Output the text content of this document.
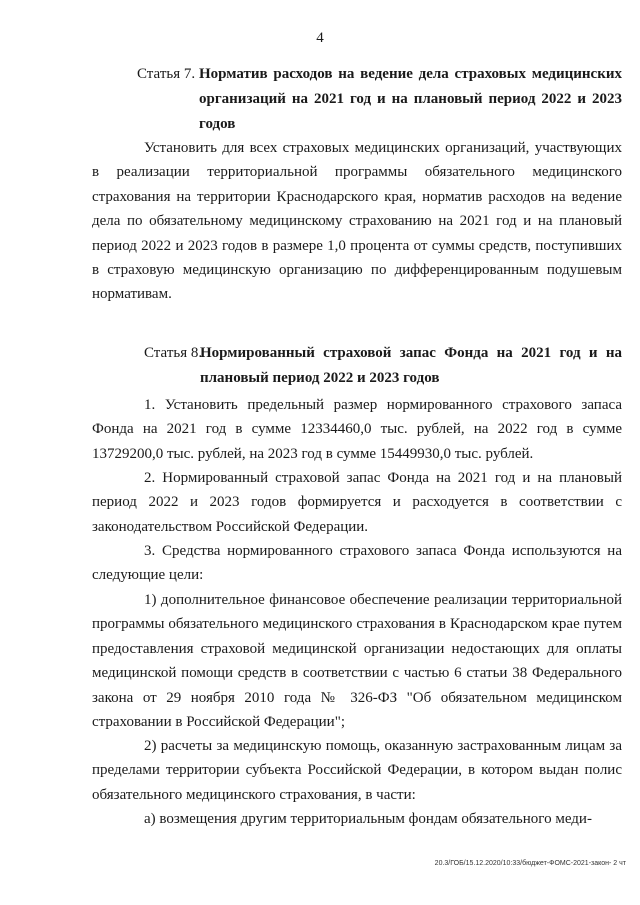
4
Статья 7. Норматив расходов на ведение дела страховых медицинских организаций на 2021 год и на плановый период 2022 и 2023 годов
Установить для всех страховых медицинских организаций, участвующих в реализации территориальной программы обязательного медицинского страхования на территории Краснодарского края, норматив расходов на ведение дела по обязательному медицинскому страхованию на 2021 год и на плановый период 2022 и 2023 годов в размере 1,0 процента от суммы средств, поступивших в страховую медицинскую организацию по дифференцированным подушевым нормативам.
Статья 8.
Нормированный страховой запас Фонда на 2021 год и на плановый период 2022 и 2023 годов
1. Установить предельный размер нормированного страхового запаса Фонда на 2021 год в сумме 12334460,0 тыс. рублей, на 2022 год в сумме 13729200,0 тыс. рублей, на 2023 год в сумме 15449930,0 тыс. рублей.
2. Нормированный страховой запас Фонда на 2021 год и на плановый период 2022 и 2023 годов формируется и расходуется в соответствии с законодательством Российской Федерации.
3. Средства нормированного страхового запаса Фонда используются на следующие цели:
1) дополнительное финансовое обеспечение реализации территориальной программы обязательного медицинского страхования в Краснодарском крае путем предоставления страховой медицинской организации недостающих для оплаты медицинской помощи средств в соответствии с частью 6 статьи 38 Федерального закона от 29 ноября 2010 года № 326-ФЗ "Об обязательном медицинском страховании в Российской Федерации";
2) расчеты за медицинскую помощь, оказанную застрахованным лицам за пределами территории субъекта Российской Федерации, в котором выдан полис обязательного медицинского страхования, в части:
а) возмещения другим территориальным фондам обязательного меди-
20.3/ГОБ/15.12.2020/10:33/бюджет-ФОМС-2021-закон- 2 чт
